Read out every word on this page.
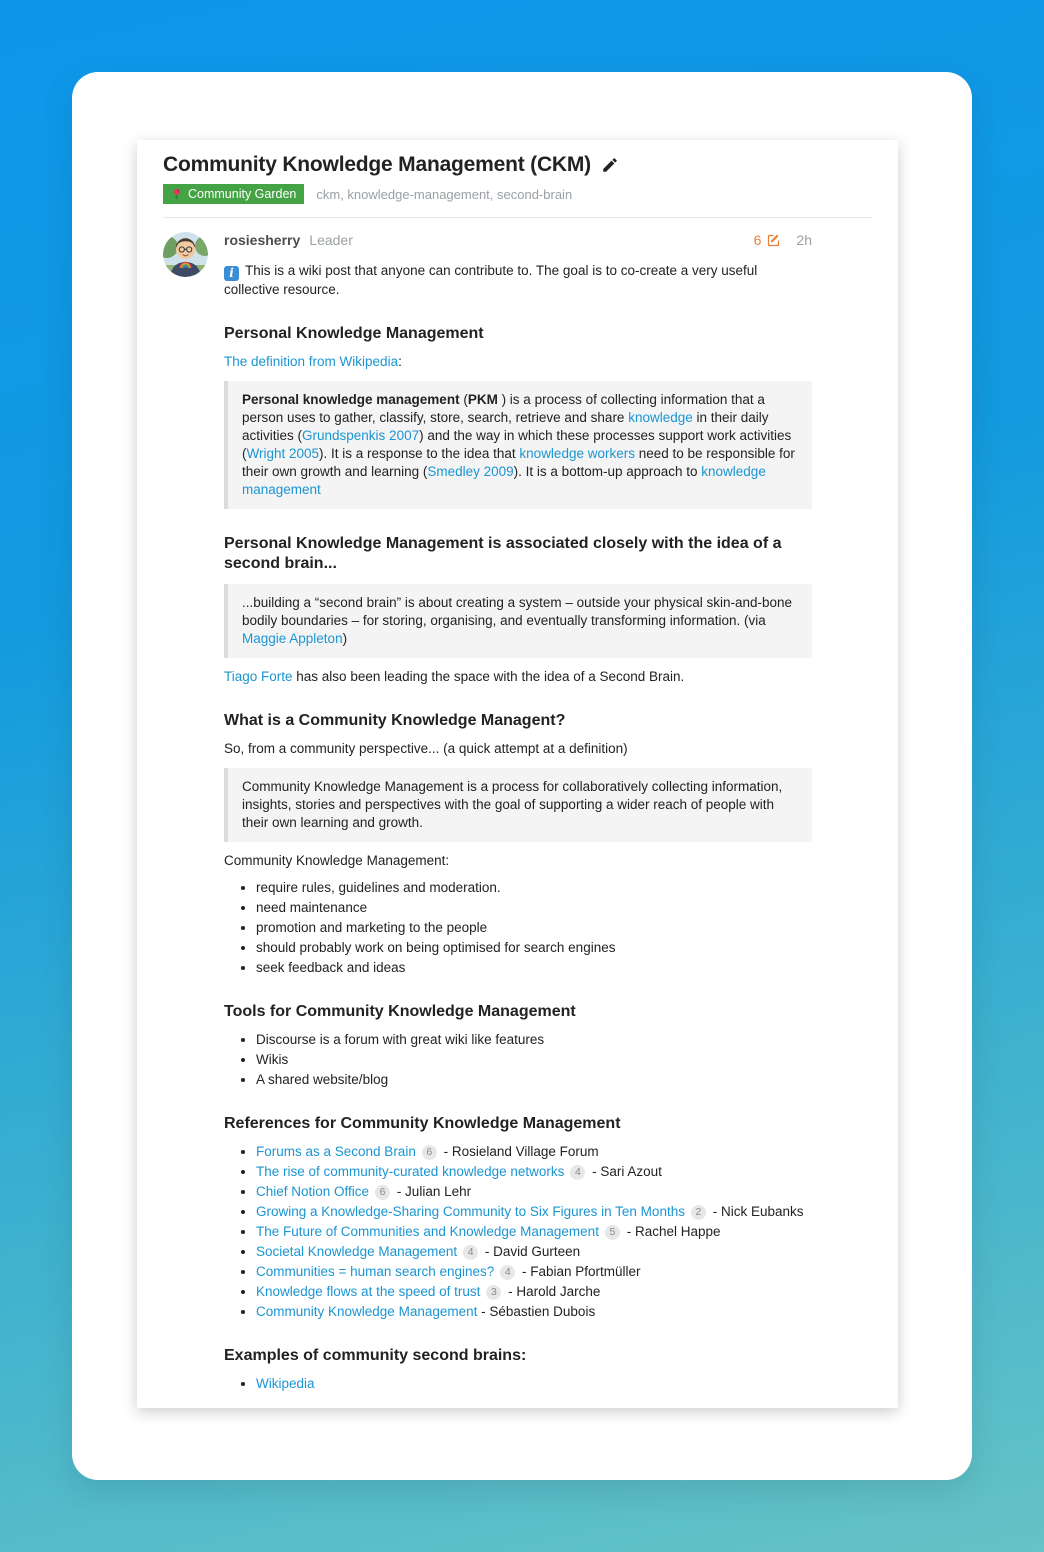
Community Knowledge Management (CKM)
Community Garden ckm, knowledge-management, second-brain
rosiesherry Leader	6	2h

i This is a wiki post that anyone can contribute to. The goal is to co-create a very useful collective resource.

Personal Knowledge Management

The definition from Wikipedia:

Personal knowledge management (PKM ) is a process of collecting information that a person uses to gather, classify, store, search, retrieve and share knowledge in their daily activities (Grundspenkis 2007) and the way in which these processes support work activities (Wright 2005). It is a response to the idea that knowledge workers need to be responsible for their own growth and learning (Smedley 2009). It is a bottom-up approach to knowledge management
Personal Knowledge Management is associated closely with the idea of a second brain...
...building a “second brain” is about creating a system – outside your physical skin-and-bone bodily boundaries – for storing, organising, and eventually transforming information. (via Maggie Appleton)

Tiago Forte has also been leading the space with the idea of a Second Brain.

What is a Community Knowledge Managent?

So, from a community perspective... (a quick attempt at a definition)

Community Knowledge Management is a process for collaboratively collecting information, insights, stories and perspectives with the goal of supporting a wider reach of people with their own learning and growth.

Community Knowledge Management:

• require rules, guidelines and moderation.
• need maintenance
• promotion and marketing to the people
• should probably work on being optimised for search engines
• seek feedback and ideas
Tools for Community Knowledge Management
• Discourse is a forum with great wiki like features
• Wikis
• A shared website/blog
References for Community Knowledge Management
• Forums as a Second Brain 6 - Rosieland Village Forum
• The rise of community-curated knowledge networks 4 - Sari Azout
• Chief Notion Office 6 - Julian Lehr
• Growing a Knowledge-Sharing Community to Six Figures in Ten Months 2 - Nick Eubanks
• The Future of Communities and Knowledge Management 5 - Rachel Happe
• Societal Knowledge Management 4 - David Gurteen
• Communities = human search engines? 4 - Fabian Pfortmüller
• Knowledge flows at the speed of trust 3 - Harold Jarche
• Community Knowledge Management - Sébastien Dubois
Examples of community second brains:
• Wikipedia
